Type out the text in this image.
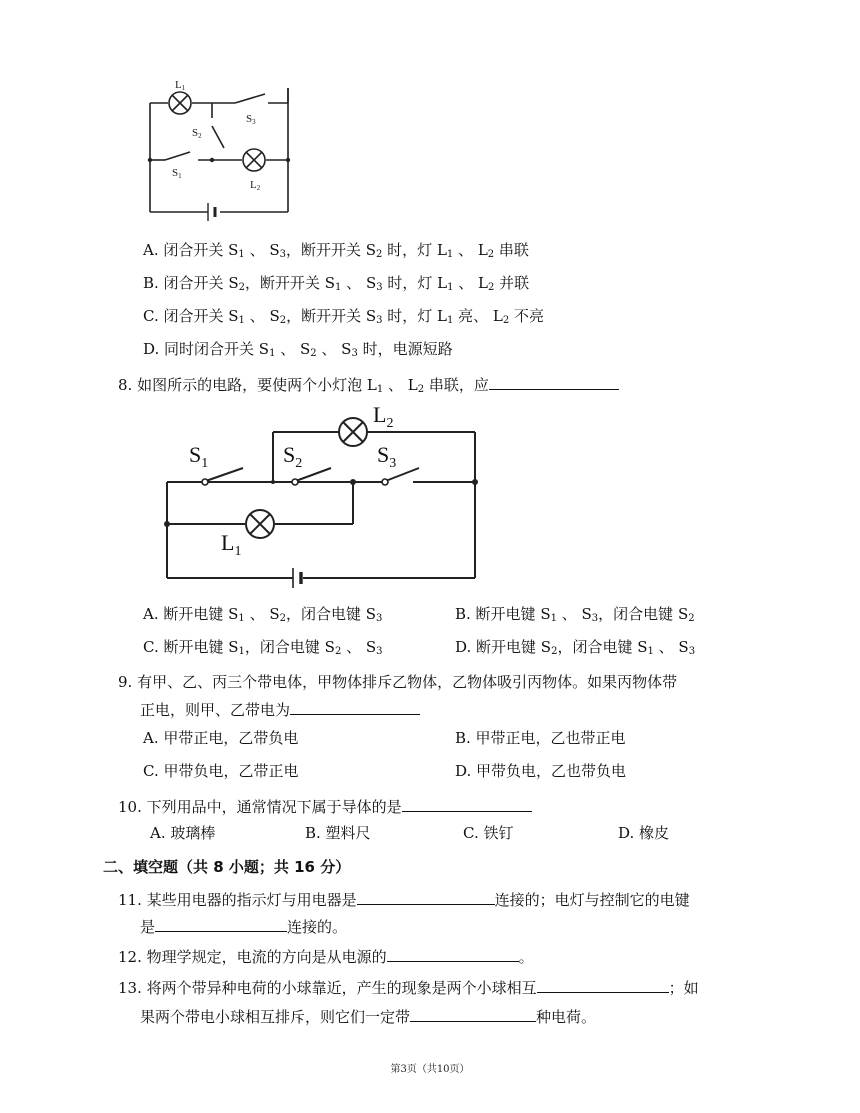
L1
S3
S2
S1
L2
A. 闭合开关 $S_1$ 、 $S_3$，断开开关 $S_2$ 时，灯 $L_1$ 、 $L_2$ 串联
B. 闭合开关 $S_2$，断开开关 $S_1$ 、 $S_3$ 时，灯 $L_1$ 、 $L_2$ 并联
C. 闭合开关 $S_1$ 、 $S_2$，断开开关 $S_3$ 时，灯 $L_1$ 亮、 $L_2$ 不亮
D. 同时闭合开关 $S_1$ 、 $S_2$ 、 $S_3$ 时，电源短路
8. 如图所示的电路，要使两个小灯泡 $L_1$ 、 $L_2$ 串联，应
$S_1$	$S_2$	$S_3$
$L_2$
$L_1$
A. 断开电键 $S_1$ 、 $S_2$，闭合电键 $S_3$	B. 断开电键 $S_1$ 、 $S_3$，闭合电键 $S_2$
C. 断开电键 $S_1$，闭合电键 $S_2$ 、 $S_3$	D. 断开电键 $S_2$，闭合电键 $S_1$ 、 $S_3$
9. 有甲、乙、丙三个带电体，甲物体排斥乙物体，乙物体吸引丙物体。如果丙物体带
正电，则甲、乙带电为
A. 甲带正电，乙带负电	B. 甲带正电，乙也带正电
C. 甲带负电，乙带正电	D. 甲带负电，乙也带负电
10. 下列用品中，通常情况下属于导体的是
A. 玻璃棒	B. 塑料尺	C. 铁钉	D. 橡皮
二、填空题（共 8 小题；共 16 分）
11. 某些用电器的指示灯与用电器是	连接的；电灯与控制它的电键
是	连接的。
12. 物理学规定，电流的方向是从电源的	。
13. 将两个带异种电荷的小球靠近，产生的现象是两个小球相互	；如
果两个带电小球相互排斥，则它们一定带	种电荷。
第3页（共10页）
